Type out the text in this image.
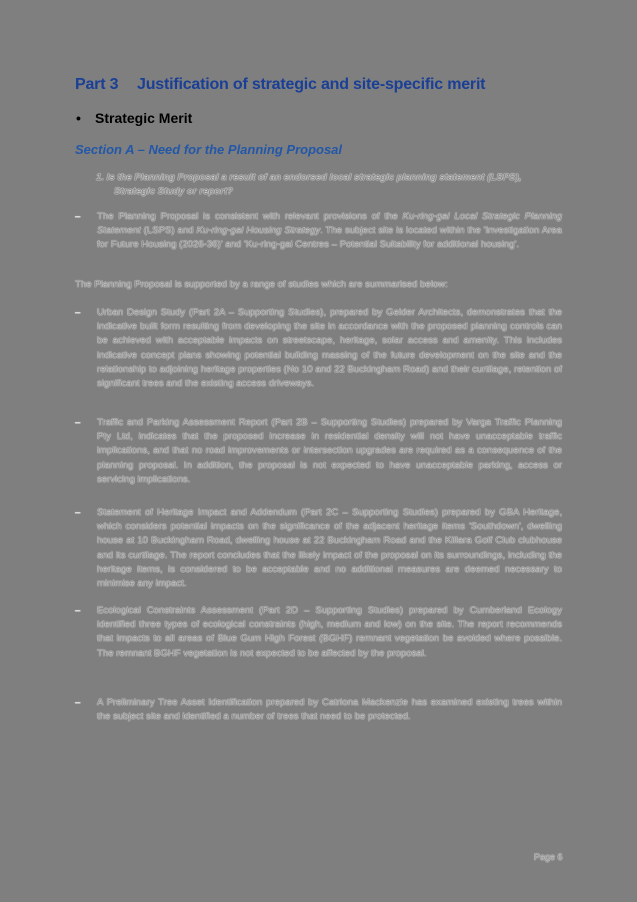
Part 3 Justification of strategic and site-specific merit
• Strategic Merit
Section A – Need for the Planning Proposal
1. Is the Planning Proposal a result of an endorsed local strategic planning statement (LSPS),
Strategic Study or report?
–	The Planning Proposal is consistent with relevant provisions of the Ku-ring-gai Local Strategic Planning Statement (LSPS) and Ku-ring-gai Housing Strategy. The subject site is located within the 'Investigation Area for Future Housing (2026-36)' and 'Ku-ring-gai Centres – Potential Suitability for additional housing'.
The Planning Proposal is supported by a range of studies which are summarised below:
–	Urban Design Study (Part 2A – Supporting Studies), prepared by Gelder Architects, demonstrates that the indicative built form resulting from developing the site in accordance with the proposed planning controls can be achieved with acceptable impacts on streetscape, heritage, solar access and amenity. This includes indicative concept plans showing potential building massing of the future development on the site and the relationship to adjoining heritage properties (No 10 and 22 Buckingham Road) and their curtilage, retention of significant trees and the existing access driveways.
–	Traffic and Parking Assessment Report (Part 2B – Supporting Studies) prepared by Varga Traffic Planning Pty Ltd, indicates that the proposed increase in residential density will not have unacceptable traffic implications, and that no road improvements or intersection upgrades are required as a consequence of the planning proposal. In addition, the proposal is not expected to have unacceptable parking, access or servicing implications.
–	Statement of Heritage Impact and Addendum (Part 2C – Supporting Studies) prepared by GBA Heritage, which considers potential impacts on the significance of the adjacent heritage items 'Southdown', dwelling house at 10 Buckingham Road, dwelling house at 22 Buckingham Road and the Killara Golf Club clubhouse and its curtilage. The report concludes that the likely impact of the proposal on its surroundings, including the heritage items, is considered to be acceptable and no additional measures are deemed necessary to minimise any impact.
–	Ecological Constraints Assessment (Part 2D – Supporting Studies) prepared by Cumberland Ecology identified three types of ecological constraints (high, medium and low) on the site. The report recommends that impacts to all areas of Blue Gum High Forest (BGHF) remnant vegetation be avoided where possible. The remnant BGHF vegetation is not expected to be affected by the proposal.
–	A Preliminary Tree Asset Identification prepared by Catriona Mackenzie has examined existing trees within the subject site and identified a number of trees that need to be protected.
Page 6
